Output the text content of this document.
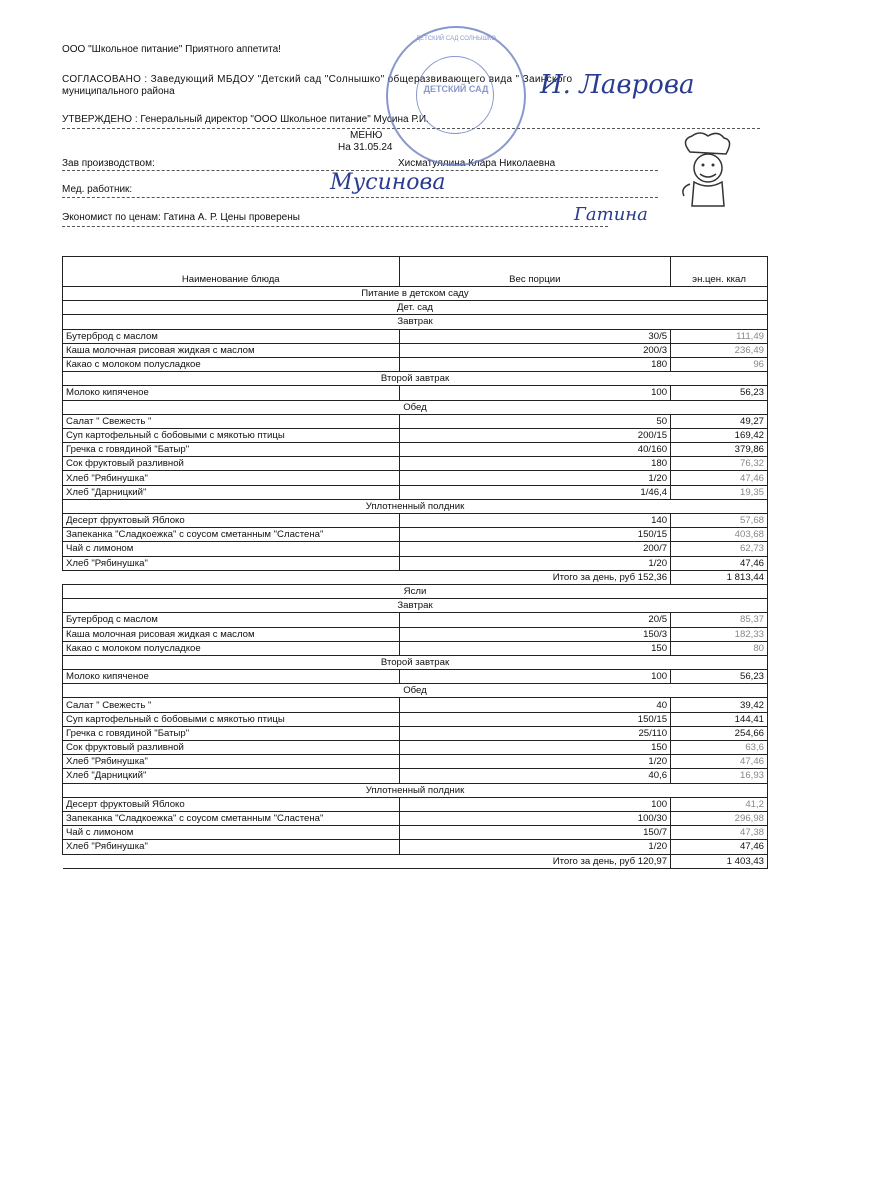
ООО "Школьное питание" Приятного аппетита!
СОГЛАСОВАНО : Заведующий МБДОУ "Детский сад "Солнышко" общеразвивающего вида " Заинского
муниципального района
УТВЕРЖДЕНО : Генеральный директор "ООО Школьное питание" Мусина Р.И.
МЕНЮ
На 31.05.24
Зав производством:	Хисматуллина Клара Николаевна
Мед. работник:
Экономист по ценам: Гатина А. Р. Цены проверены
ДЕТСКИЙ САД СОЛНЫШКО
ДЕТСКИЙ САД	И. Лаврова
Мусинова
Гатина
Наименование блюда	Вес порции	эн.цен. ккал
Питание в детском саду		
Дет. сад		
Завтрак		
Бутерброд с маслом	30/5	111,49
Каша молочная рисовая жидкая с маслом	200/3	236,49
Какао с молоком полусладкое	180	96
Второй завтрак		
Молоко кипяченое	100	56,23
Обед		
Салат " Свежесть "	50	49,27
Суп картофельный с бобовыми с мякотью птицы	200/15	169,42
Гречка с говядиной "Батыр"	40/160	379,86
Сок фруктовый разливной	180	76,32
Хлеб "Рябинушка"	1/20	47,46
Хлеб "Дарницкий"	1/46,4	19,35
Уплотненный полдник		
Десерт фруктовый Яблоко	140	57,68
Запеканка "Сладкоежка" с соусом сметанным "Сластена"	150/15	403,68
Чай с лимоном	200/7	62,73
Хлеб "Рябинушка"	1/20	47,46
Итого за день, руб 152,36		1 813,44
Ясли		
Завтрак		
Бутерброд с маслом	20/5	85,37
Каша молочная рисовая жидкая с маслом	150/3	182,33
Какао с молоком полусладкое	150	80
Второй завтрак		
Молоко кипяченое	100	56,23
Обед		
Салат " Свежесть "	40	39,42
Суп картофельный с бобовыми с мякотью птицы	150/15	144,41
Гречка с говядиной "Батыр"	25/110	254,66
Сок фруктовый разливной	150	63,6
Хлеб "Рябинушка"	1/20	47,46
Хлеб "Дарницкий"	40,6	16,93
Уплотненный полдник		
Десерт фруктовый Яблоко	100	41,2
Запеканка "Сладкоежка" с соусом сметанным "Сластена"	100/30	296,98
Чай с лимоном	150/7	47,38
Хлеб "Рябинушка"	1/20	47,46
Итого за день, руб 120,97		1 403,43
